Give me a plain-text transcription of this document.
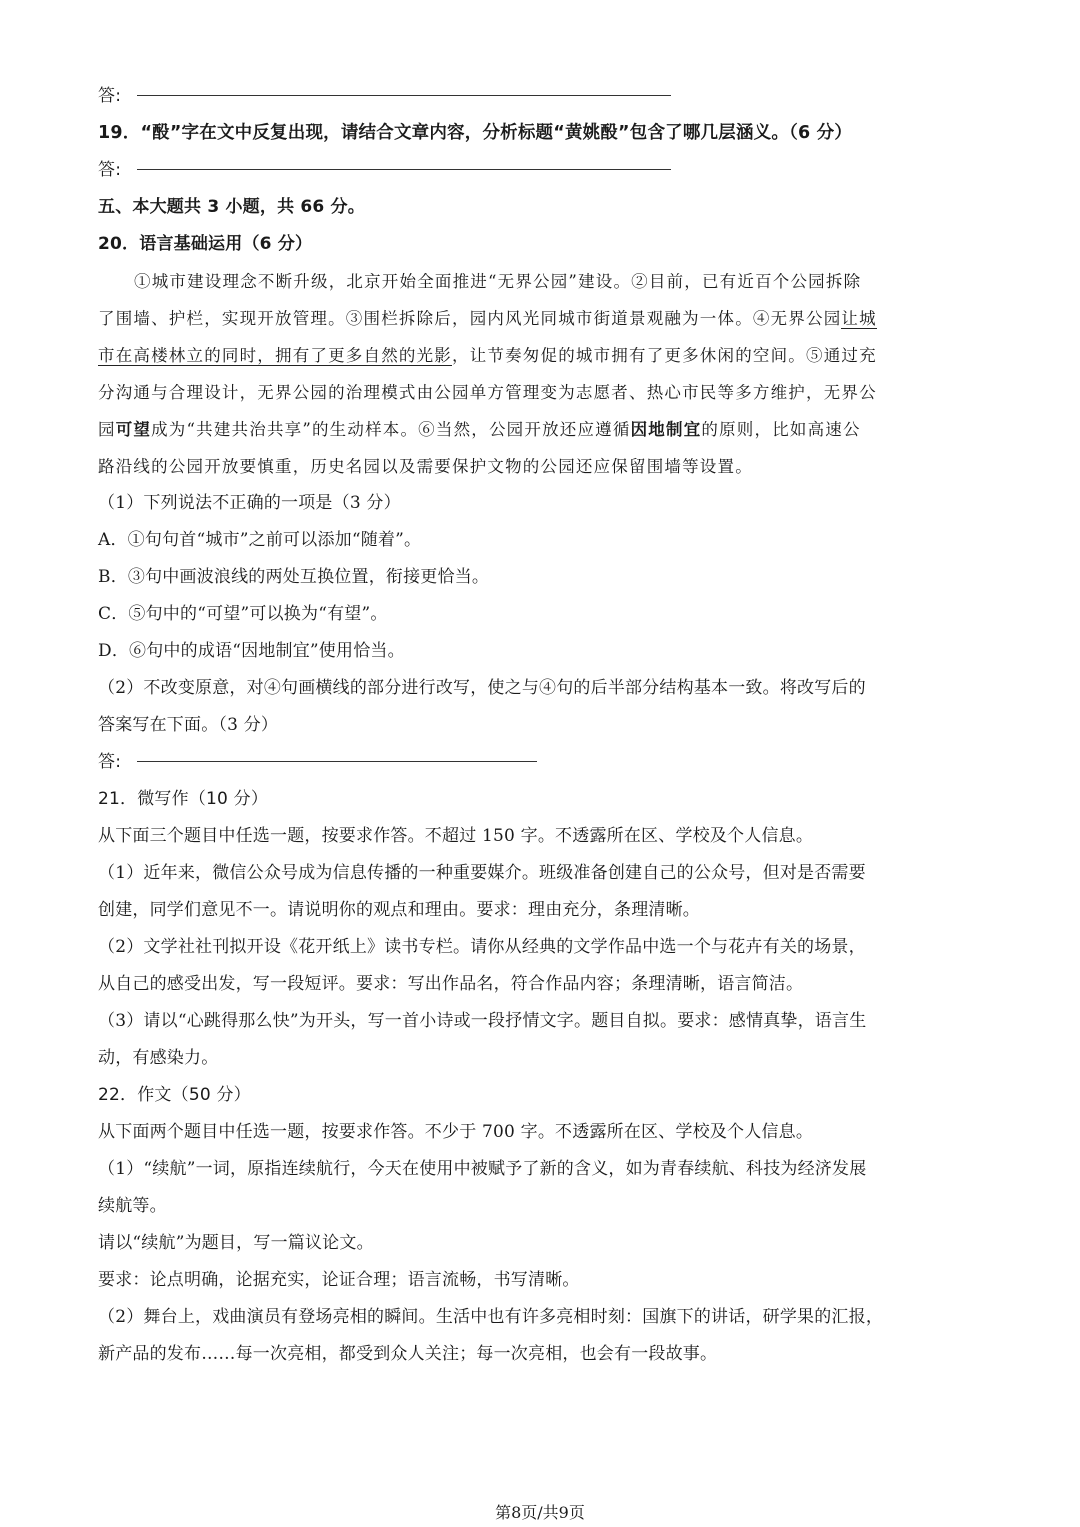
答:
19．“酘”字在文中反复出现，请结合文章内容，分析标题“黄姚酘”包含了哪几层涵义。（6 分）
答:
五、本大题共 3 小题，共 66 分。
20．语言基础运用（6 分）
①城市建设理念不断升级，北京开始全面推进“无界公园”建设。②目前，已有近百个公园拆除
了围墙、护栏，实现开放管理。③围栏拆除后，园内风光同城市街道景观融为一体。④无界公园让城
市在高楼林立的同时，拥有了更多自然的光影，让节奏匆促的城市拥有了更多休闲的空间。⑤通过充
分沟通与合理设计，无界公园的治理模式由公园单方管理变为志愿者、热心市民等多方维护，无界公
园可望成为“共建共治共享”的生动样本。⑥当然，公园开放还应遵循因地制宜的原则，比如高速公
路沿线的公园开放要慎重，历史名园以及需要保护文物的公园还应保留围墙等设置。
（1）下列说法不正确的一项是（3 分）
A．①句句首“城市”之前可以添加“随着”。
B．③句中画波浪线的两处互换位置，衔接更恰当。
C．⑤句中的“可望”可以换为“有望”。
D．⑥句中的成语“因地制宜”使用恰当。
（2）不改变原意，对④句画横线的部分进行改写，使之与④句的后半部分结构基本一致。将改写后的
答案写在下面。（3 分）
答:
21．微写作（10 分）
从下面三个题目中任选一题，按要求作答。不超过 150 字。不透露所在区、学校及个人信息。
（1）近年来，微信公众号成为信息传播的一种重要媒介。班级准备创建自己的公众号，但对是否需要
创建，同学们意见不一。请说明你的观点和理由。要求：理由充分，条理清晰。
（2）文学社社刊拟开设《花开纸上》读书专栏。请你从经典的文学作品中选一个与花卉有关的场景，
从自己的感受出发，写一段短评。要求：写出作品名，符合作品内容；条理清晰，语言简洁。
（3）请以“心跳得那么快”为开头，写一首小诗或一段抒情文字。题目自拟。要求：感情真挚，语言生
动，有感染力。
22．作文（50 分）
从下面两个题目中任选一题，按要求作答。不少于 700 字。不透露所在区、学校及个人信息。
（1）“续航”一词，原指连续航行，今天在使用中被赋予了新的含义，如为青春续航、科技为经济发展
续航等。
请以“续航”为题目，写一篇议论文。
要求：论点明确，论据充实，论证合理；语言流畅，书写清晰。
（2）舞台上，戏曲演员有登场亮相的瞬间。生活中也有许多亮相时刻：国旗下的讲话，研学果的汇报，
新产品的发布……每一次亮相，都受到众人关注；每一次亮相，也会有一段故事。
第8页/共9页
